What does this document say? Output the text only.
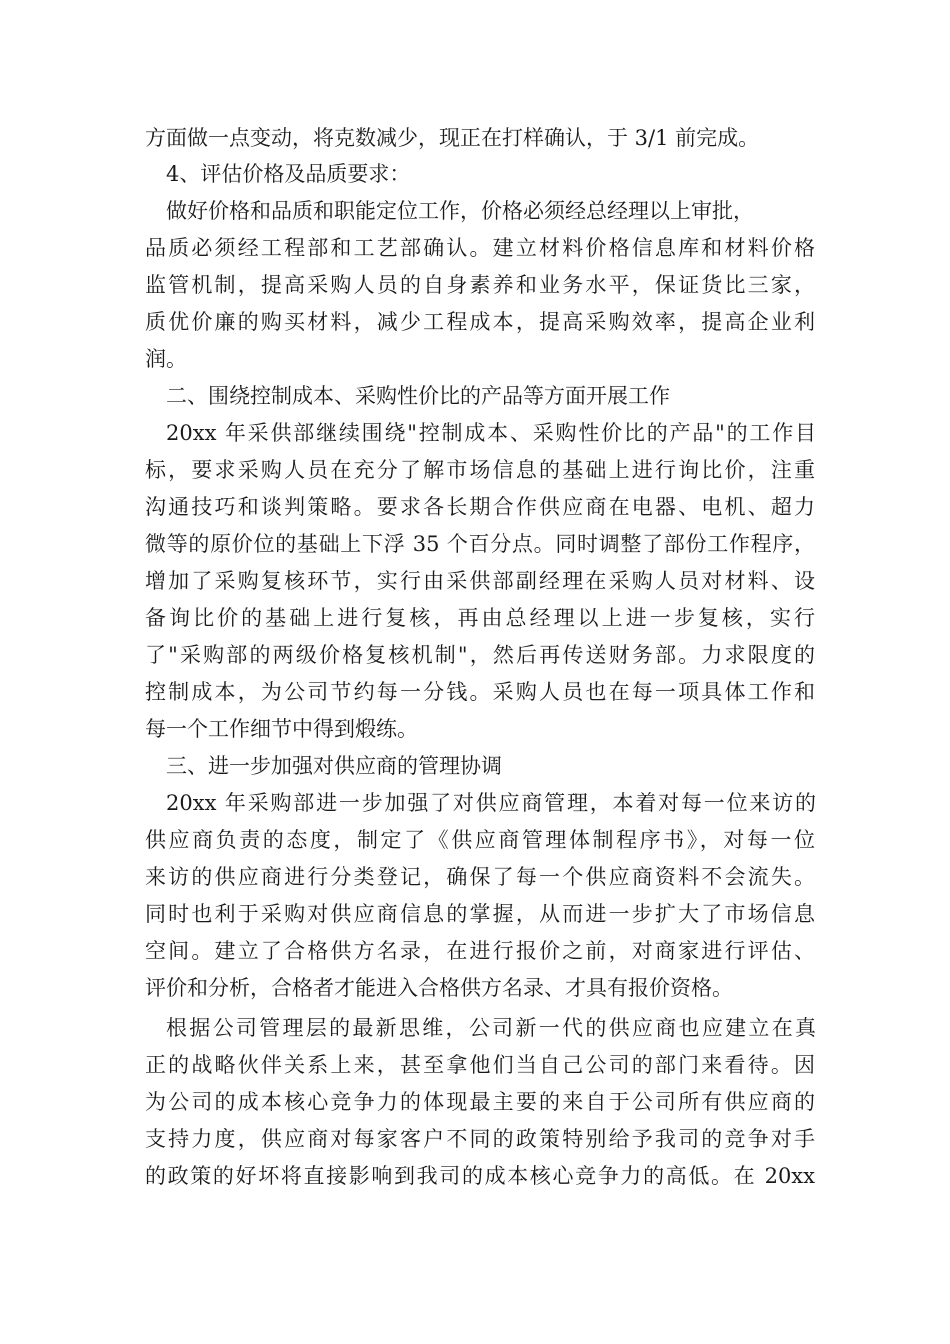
方面做一点变动，将克数减少，现正在打样确认，于 3/1 前完成。
4、评估价格及品质要求：
做好价格和品质和职能定位工作，价格必须经总经理以上审批，
品质必须经工程部和工艺部确认。建立材料价格信息库和材料价格
监管机制，提高采购人员的自身素养和业务水平，保证货比三家，
质优价廉的购买材料，减少工程成本，提高采购效率，提高企业利
润。
二、围绕控制成本、采购性价比的产品等方面开展工作
20xx 年采供部继续围绕"控制成本、采购性价比的产品"的工作目
标，要求采购人员在充分了解市场信息的基础上进行询比价，注重
沟通技巧和谈判策略。要求各长期合作供应商在电器、电机、超力
微等的原价位的基础上下浮 35 个百分点。同时调整了部份工作程序，
增加了采购复核环节，实行由采供部副经理在采购人员对材料、设
备询比价的基础上进行复核，再由总经理以上进一步复核，实行
了"采购部的两级价格复核机制"，然后再传送财务部。力求限度的
控制成本，为公司节约每一分钱。采购人员也在每一项具体工作和
每一个工作细节中得到煅练。
三、进一步加强对供应商的管理协调
20xx 年采购部进一步加强了对供应商管理，本着对每一位来访的
供应商负责的态度，制定了《供应商管理体制程序书》，对每一位
来访的供应商进行分类登记，确保了每一个供应商资料不会流失。
同时也利于采购对供应商信息的掌握，从而进一步扩大了市场信息
空间。建立了合格供方名录，在进行报价之前，对商家进行评估、
评价和分析，合格者才能进入合格供方名录、才具有报价资格。
根据公司管理层的最新思维，公司新一代的供应商也应建立在真
正的战略伙伴关系上来，甚至拿他们当自己公司的部门来看待。因
为公司的成本核心竞争力的体现最主要的来自于公司所有供应商的
支持力度，供应商对每家客户不同的政策特别给予我司的竞争对手
的政策的好坏将直接影响到我司的成本核心竞争力的高低。在 20xx
